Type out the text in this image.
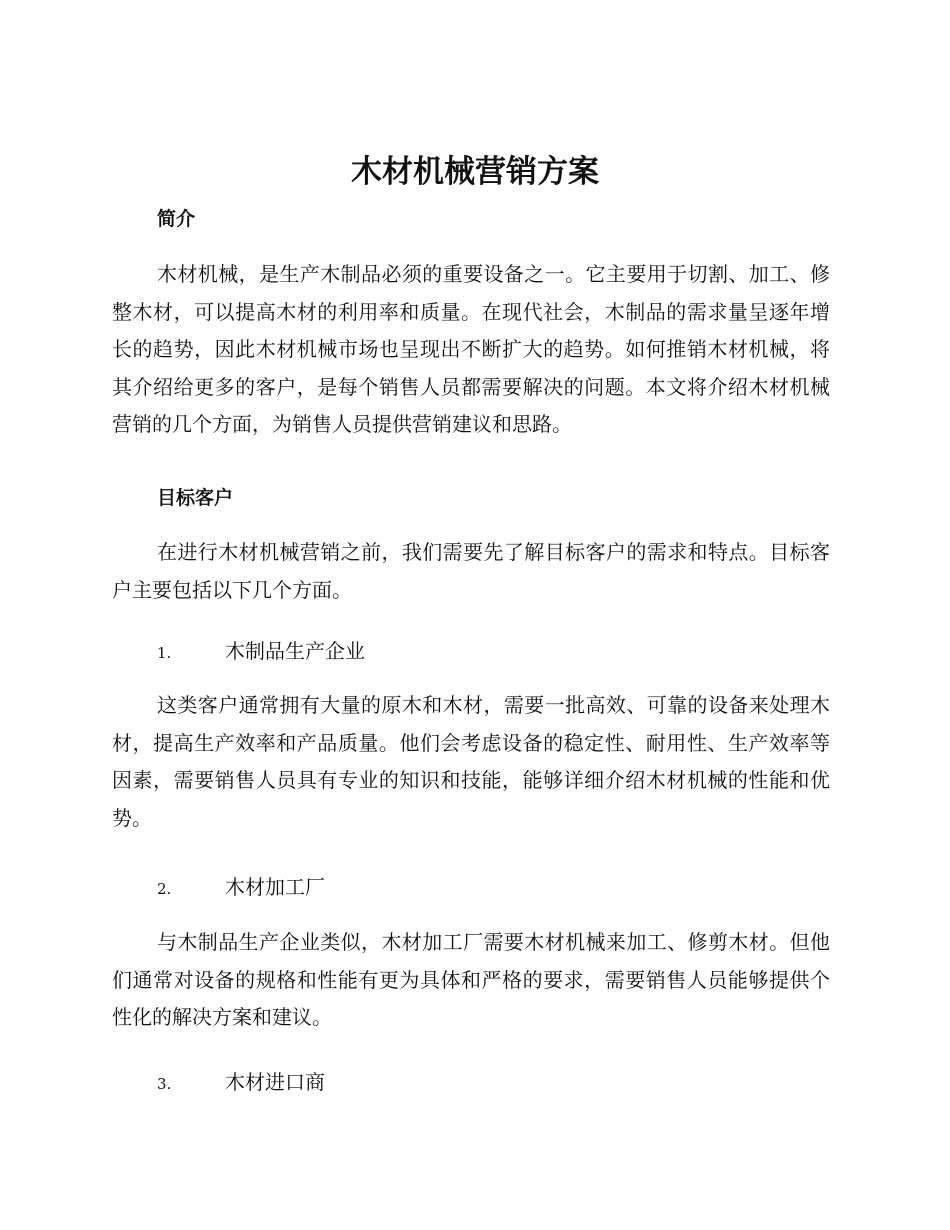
木材机械营销方案
简介

木材机械，是生产木制品必须的重要设备之一。它主要用于切割、加工、修整木材，可以提高木材的利用率和质量。在现代社会，木制品的需求量呈逐年增长的趋势，因此木材机械市场也呈现出不断扩大的趋势。如何推销木材机械，将其介绍给更多的客户，是每个销售人员都需要解决的问题。本文将介绍木材机械营销的几个方面，为销售人员提供营销建议和思路。

目标客户

在进行木材机械营销之前，我们需要先了解目标客户的需求和特点。目标客户主要包括以下几个方面。

1.	木制品生产企业

这类客户通常拥有大量的原木和木材，需要一批高效、可靠的设备来处理木材，提高生产效率和产品质量。他们会考虑设备的稳定性、耐用性、生产效率等因素，需要销售人员具有专业的知识和技能，能够详细介绍木材机械的性能和优势。

2.	木材加工厂

与木制品生产企业类似，木材加工厂需要木材机械来加工、修剪木材。但他们通常对设备的规格和性能有更为具体和严格的要求，需要销售人员能够提供个性化的解决方案和建议。

3.	木材进口商
